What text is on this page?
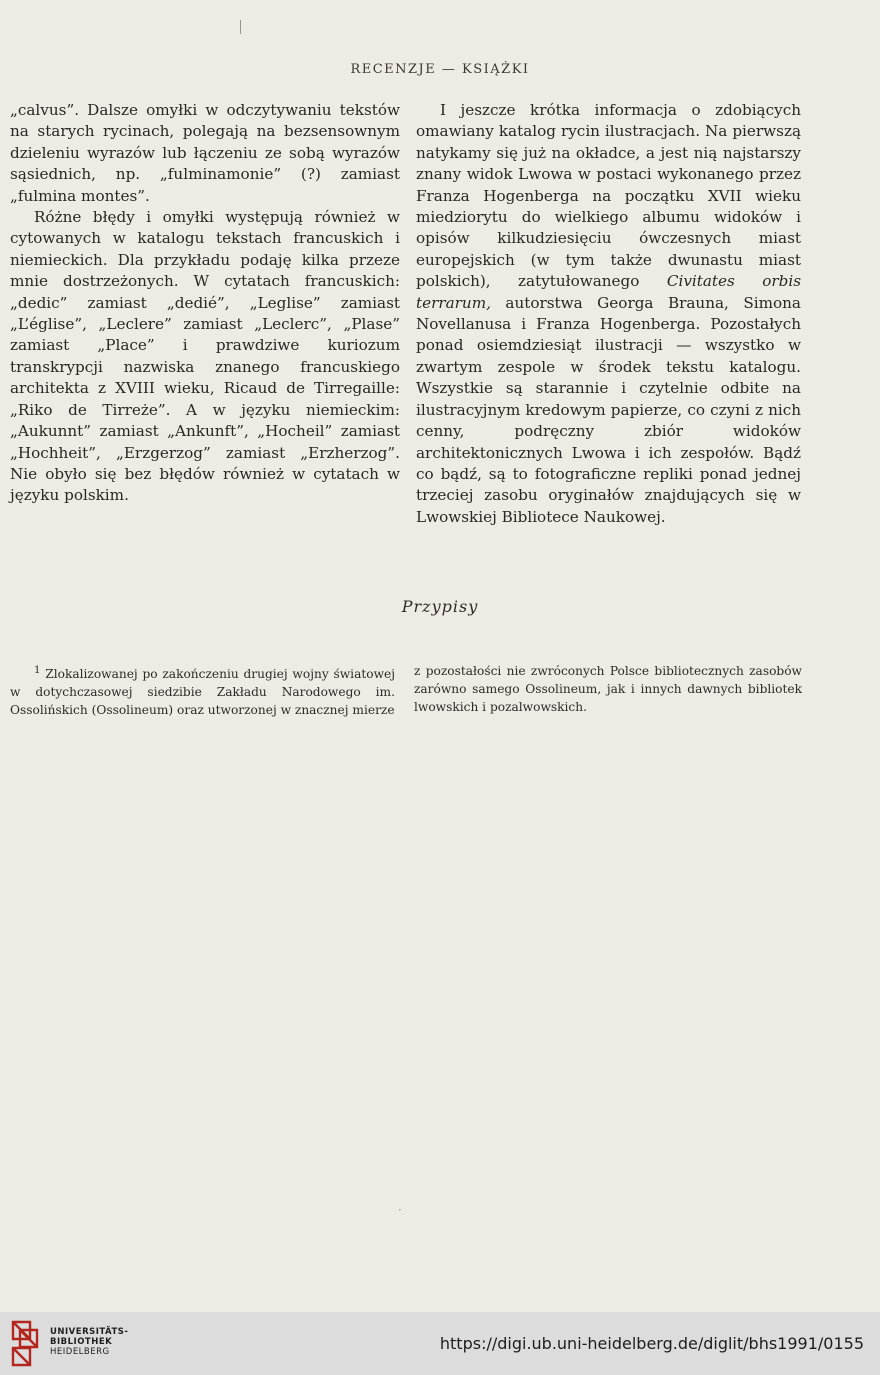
RECENZJE — KSIĄŻKI

„calvus”. Dalsze omyłki w odczytywaniu tekstów na starych rycinach, polegają na bezsensownym dzieleniu wyrazów lub łączeniu ze sobą wyrazów sąsiednich, np. „fulminamonie” (?) zamiast „fulmina montes”.

Różne błędy i omyłki występują również w cytowanych w katalogu tekstach francuskich i niemieckich. Dla przykładu podaję kilka przeze mnie dostrzeżonych. W cytatach francuskich: „dedic” zamiast „dedié”, „Leglise” zamiast „L’église”, „Leclere” zamiast „Leclerc”, „Plase” zamiast „Place” i prawdziwe kuriozum transkrypcji nazwiska znanego francuskiego architekta z XVIII wieku, Ricaud de Tirregaille: „Riko de Tirreże”. A w języku niemieckim: „Aukunnt” zamiast „Ankunft”, „Hocheil” zamiast „Hochheit”, „Erzgerzog” zamiast „Erzherzog”. Nie obyło się bez błędów również w cytatach w języku polskim.

I jeszcze krótka informacja o zdobiących omawiany katalog rycin ilustracjach. Na pierwszą natykamy się już na okładce, a jest nią najstarszy znany widok Lwowa w postaci wykonanego przez Franza Hogenberga na początku XVII wieku miedziorytu do wielkiego albumu widoków i opisów kilkudziesięciu ówczesnych miast europejskich (w tym także dwunastu miast polskich), zatytułowanego Civitates orbis terrarum, autorstwa Georga Brauna, Simona Novellanusa i Franza Hogenberga. Pozostałych ponad osiemdziesiąt ilustracji — wszystko w zwartym zespole w środek tekstu katalogu. Wszystkie są starannie i czytelnie odbite na ilustracyjnym kredowym papierze, co czyni z nich cenny, podręczny zbiór widoków architektonicznych Lwowa i ich zespołów. Bądź co bądź, są to fotograficzne repliki ponad jednej trzeciej zasobu oryginałów znajdujących się w Lwowskiej Bibliotece Naukowej.

Przypisy

$^1$ Zlokalizowanej po zakończeniu drugiej wojny światowej w dotychczasowej siedzibie Zakładu Narodowego im. Ossolińskich (Ossolineum) oraz utworzonej w znacznej mierze

z pozostałości nie zwróconych Polsce bibliotecznych zasobów zarówno samego Ossolineum, jak i innych dawnych bibliotek lwowskich i pozalwowskich.

·
UNIVERSITÄTS-
BIBLIOTHEK
HEIDELBERG	https://digi.ub.uni-heidelberg.de/diglit/bhs1991/0155
